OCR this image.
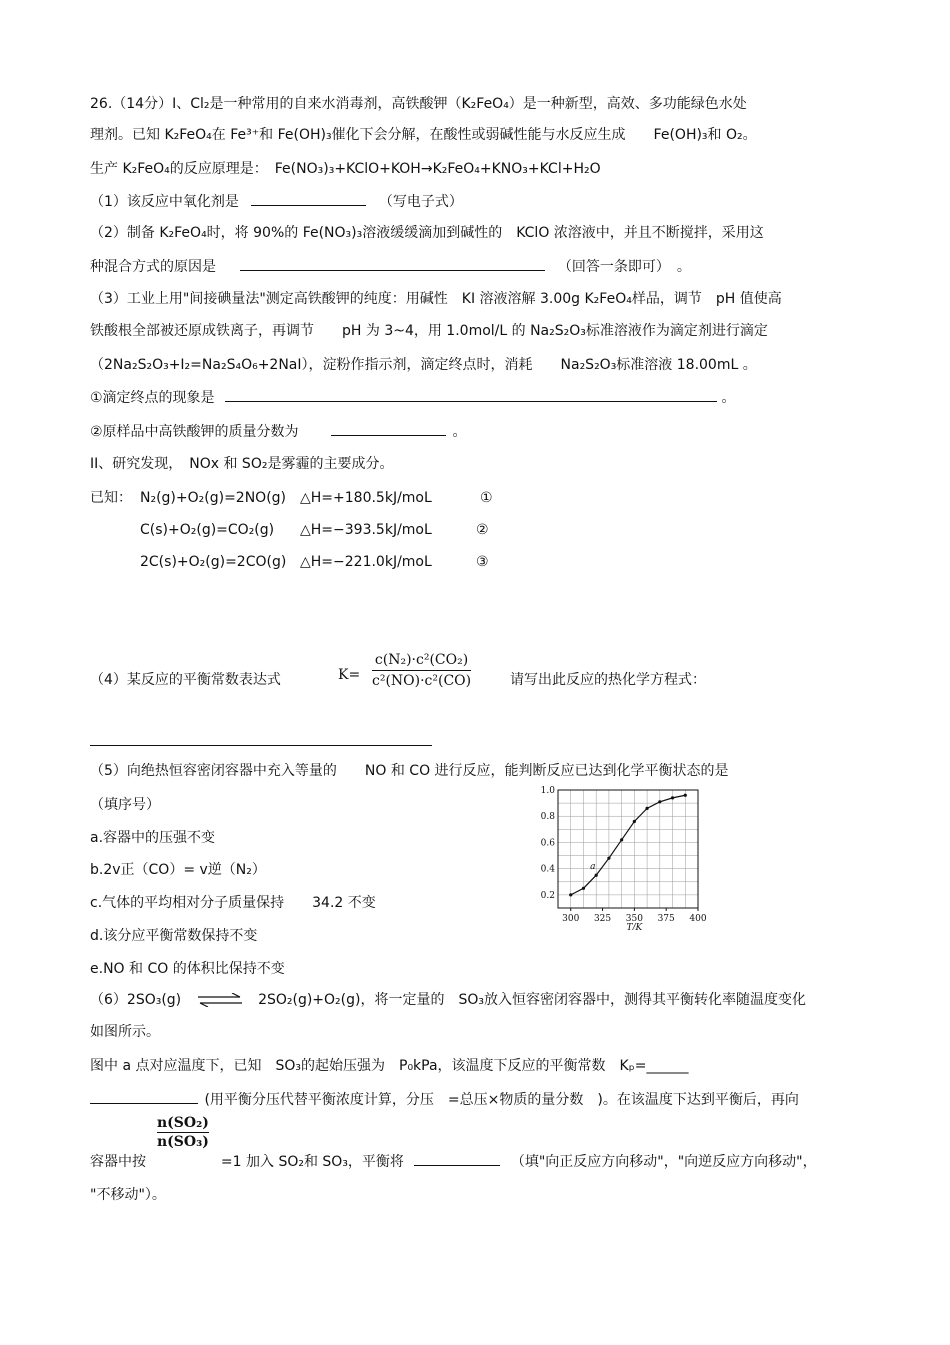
26.（14分）I、Cl₂是一种常用的自来水消毒剂，高铁酸钾（K₂FeO₄）是一种新型，高效、多功能绿色水处
理剂。已知 K₂FeO₄在 Fe³⁺和 Fe(OH)₃催化下会分解，在酸性或弱碱性能与水反应生成　　Fe(OH)₃和 O₂。
生产 K₂FeO₄的反应原理是：　Fe(NO₃)₃+KClO+KOH→K₂FeO₄+KNO₃+KCl+H₂O
（1）该反应中氧化剂是	（写电子式）
（2）制备 K₂FeO₄时，将 90%的 Fe(NO₃)₃溶液缓缓滴加到碱性的　KClO 浓溶液中，并且不断搅拌，采用这
种混合方式的原因是	（回答一条即可）　。
（3）工业上用"间接碘量法"测定高铁酸钾的纯度：用碱性　KI 溶液溶解 3.00g K₂FeO₄样品，调节　pH 值使高
铁酸根全部被还原成铁离子，再调节　　pH 为 3~4，用 1.0mol/L 的 Na₂S₂O₃标准溶液作为滴定剂进行滴定
（2Na₂S₂O₃+I₂=Na₂S₄O₆+2NaI），淀粉作指示剂，滴定终点时，消耗　　Na₂S₂O₃标准溶液 18.00mL 。
①滴定终点的现象是	。
②原样品中高铁酸钾的质量分数为	。
II、研究发现，　NOx 和 SO₂是雾霾的主要成分。
已知： N₂(g)+O₂(g)=2NO(g) △H=+180.5kJ/moL	①
C(s)+O₂(g)=CO₂(g) △H=−393.5kJ/moL	②
2C(s)+O₂(g)=2CO(g) △H=−221.0kJ/moL	③
（4）某反应的平衡常数表达式	K=
c(N₂)·c²(CO₂)
c²(NO)·c²(CO)	请写出此反应的热化学方程式：
（5）向绝热恒容密闭容器中充入等量的　　NO 和 CO 进行反应，能判断反应已达到化学平衡状态的是
（填序号）
a.容器中的压强不变
b.2v正（CO）= v逆（N₂）
c.气体的平均相对分子质量保持　　34.2 不变
d.该分应平衡常数保持不变
e.NO 和 CO 的体积比保持不变
300 325 350 375 400
0.2
0.4
0.6
0.8
1.0
T/K
a
（6）2SO₃(g) ⇌ 2SO₂(g)+O₂(g)，将一定量的　SO₃放入恒容密闭容器中，测得其平衡转化率随温度变化
如图所示。
图中 a 点对应温度下，已知　SO₃的起始压强为　P₀kPa，该温度下反应的平衡常数　Kₚ=______
(用平衡分压代替平衡浓度计算，分压　=总压×物质的量分数　)。在该温度下达到平衡后，再向
n(SO₂)
n(SO₃)
容器中按	=1 加入 SO₂和 SO₃，平衡将	（填"向正反应方向移动"，"向逆反应方向移动"，
"不移动"）。
